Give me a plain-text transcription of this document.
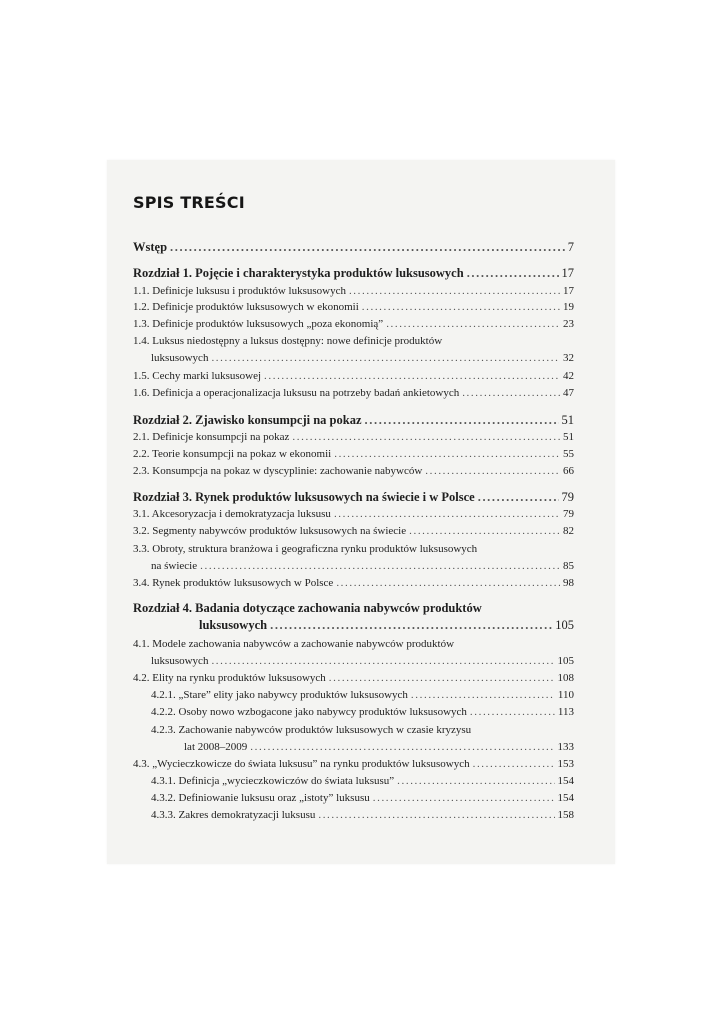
SPIS TREŚCI
Wstęp .....	7
Rozdział 1. Pojęcie i charakterystyka produktów luksusowych .....	17
1.1. Definicje luksusu i produktów luksusowych .....	17
1.2. Definicje produktów luksusowych w ekonomii .....	19
1.3. Definicje produktów luksusowych „poza ekonomią” .....	23
1.4. Luksus niedostępny a luksus dostępny: nowe definicje produktów
luksusowych .....	32
1.5. Cechy marki luksusowej .....	42
1.6. Definicja a operacjonalizacja luksusu na potrzeby badań ankietowych .....	47
Rozdział 2. Zjawisko konsumpcji na pokaz .....	51
2.1. Definicje konsumpcji na pokaz .....	51
2.2. Teorie konsumpcji na pokaz w ekonomii .....	55
2.3. Konsumpcja na pokaz w dyscyplinie: zachowanie nabywców .....	66
Rozdział 3. Rynek produktów luksusowych na świecie i w Polsce .....	79
3.1. Akcesoryzacja i demokratyzacja luksusu .....	79
3.2. Segmenty nabywców produktów luksusowych na świecie .....	82
3.3. Obroty, struktura branżowa i geograficzna rynku produktów luksusowych
na świecie .....	85
3.4. Rynek produktów luksusowych w Polsce .....	98
Rozdział 4. Badania dotyczące zachowania nabywców produktów
luksusowych .....	105
4.1. Modele zachowania nabywców a zachowanie nabywców produktów
luksusowych .....	105
4.2. Elity na rynku produktów luksusowych .....	108
4.2.1. „Stare” elity jako nabywcy produktów luksusowych .....	110
4.2.2. Osoby nowo wzbogacone jako nabywcy produktów luksusowych .....	113
4.2.3. Zachowanie nabywców produktów luksusowych w czasie kryzysu
lat 2008–2009 .....	133
4.3. „Wycieczkowicze do świata luksusu” na rynku produktów luksusowych .....	153
4.3.1. Definicja „wycieczkowiczów do świata luksusu” .....	154
4.3.2. Definiowanie luksusu oraz „istoty” luksusu .....	154
4.3.3. Zakres demokratyzacji luksusu .....	158
